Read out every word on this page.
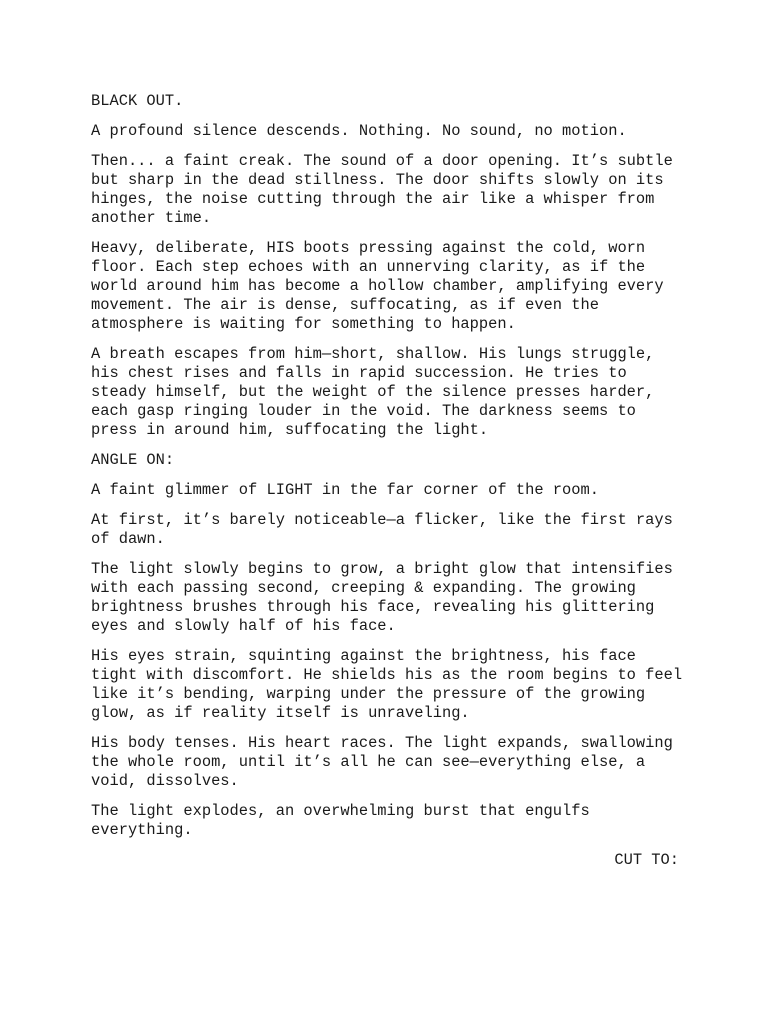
BLACK OUT.

A profound silence descends. Nothing. No sound, no motion.

Then... a faint creak. The sound of a door opening. It’s subtle
but sharp in the dead stillness. The door shifts slowly on its
hinges, the noise cutting through the air like a whisper from
another time.

Heavy, deliberate, HIS boots pressing against the cold, worn
floor. Each step echoes with an unnerving clarity, as if the
world around him has become a hollow chamber, amplifying every
movement. The air is dense, suffocating, as if even the
atmosphere is waiting for something to happen.

A breath escapes from him—short, shallow. His lungs struggle,
his chest rises and falls in rapid succession. He tries to
steady himself, but the weight of the silence presses harder,
each gasp ringing louder in the void. The darkness seems to
press in around him, suffocating the light.

ANGLE ON:

A faint glimmer of LIGHT in the far corner of the room.

At first, it’s barely noticeable—a flicker, like the first rays
of dawn.

The light slowly begins to grow, a bright glow that intensifies
with each passing second, creeping & expanding. The growing
brightness brushes through his face, revealing his glittering
eyes and slowly half of his face.

His eyes strain, squinting against the brightness, his face
tight with discomfort. He shields his as the room begins to feel
like it’s bending, warping under the pressure of the growing
glow, as if reality itself is unraveling.

His body tenses. His heart races. The light expands, swallowing
the whole room, until it’s all he can see—everything else, a
void, dissolves.

The light explodes, an overwhelming burst that engulfs
everything.

CUT TO:
